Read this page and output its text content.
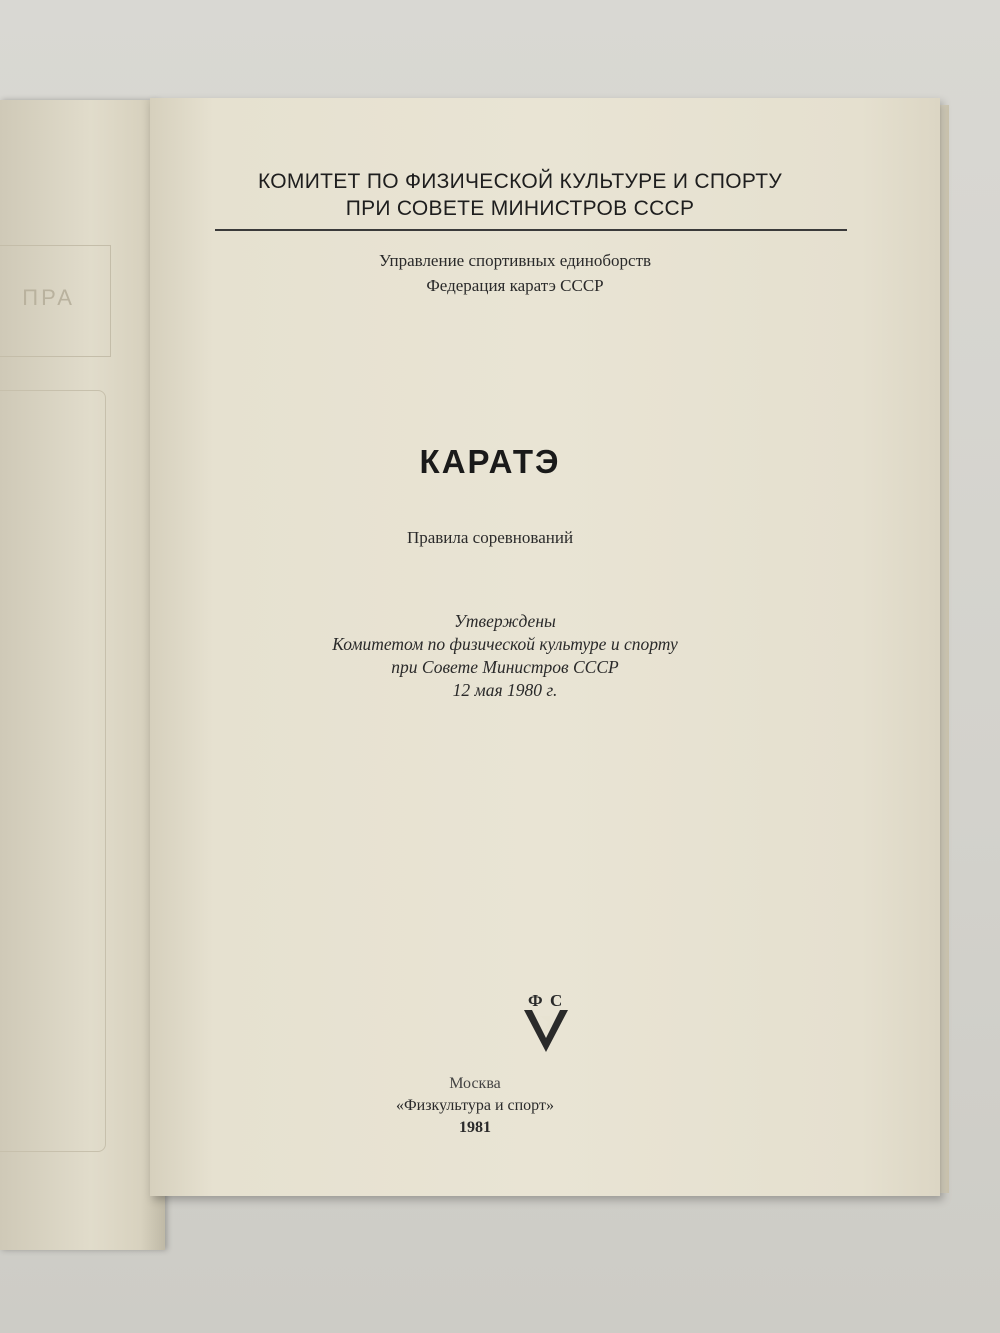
ПРА
КОМИТЕТ ПО ФИЗИЧЕСКОЙ КУЛЬТУРЕ И СПОРТУ
ПРИ СОВЕТЕ МИНИСТРОВ СССР
Управление спортивных единоборств
Федерация каратэ СССР
КАРАТЭ
Правила соревнований
Утверждены
Комитетом по физической культуре и спорту
при Совете Министров СССР
12 мая 1980 г.
Ф С
Москва
«Физкультура и спорт»
1981
